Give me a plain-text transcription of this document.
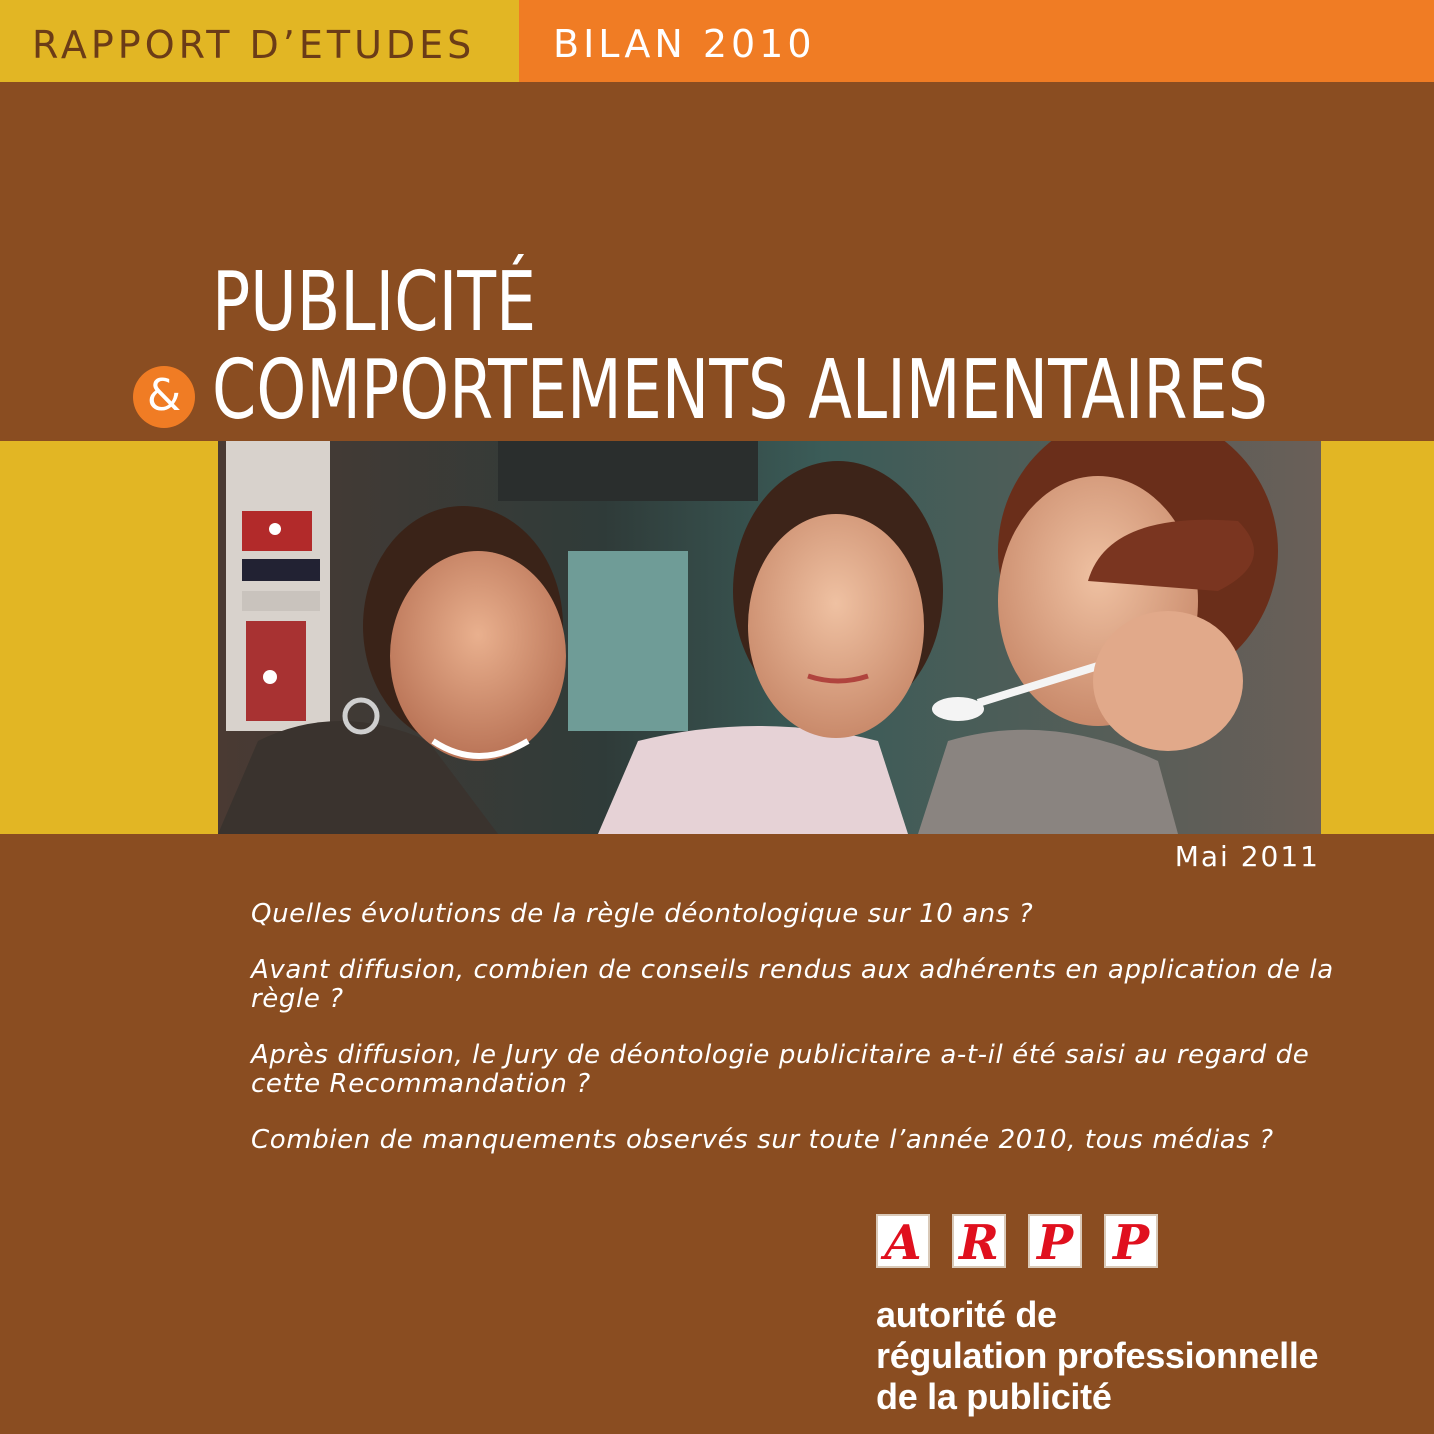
RAPPORT D’ETUDES	BILAN 2010
PUBLICITÉ
& COMPORTEMENTS ALIMENTAIRES
Mai 2011

Quelles évolutions de la règle déontologique sur 10 ans ?

Avant diffusion, combien de conseils rendus aux adhérents en application de la règle ?

Après diffusion, le Jury de déontologie publicitaire a-t-il été saisi au regard de cette Recommandation ?

Combien de manquements observés sur toute l’année 2010, tous médias ?

A R P P
autorité de
régulation professionnelle
de la publicité
